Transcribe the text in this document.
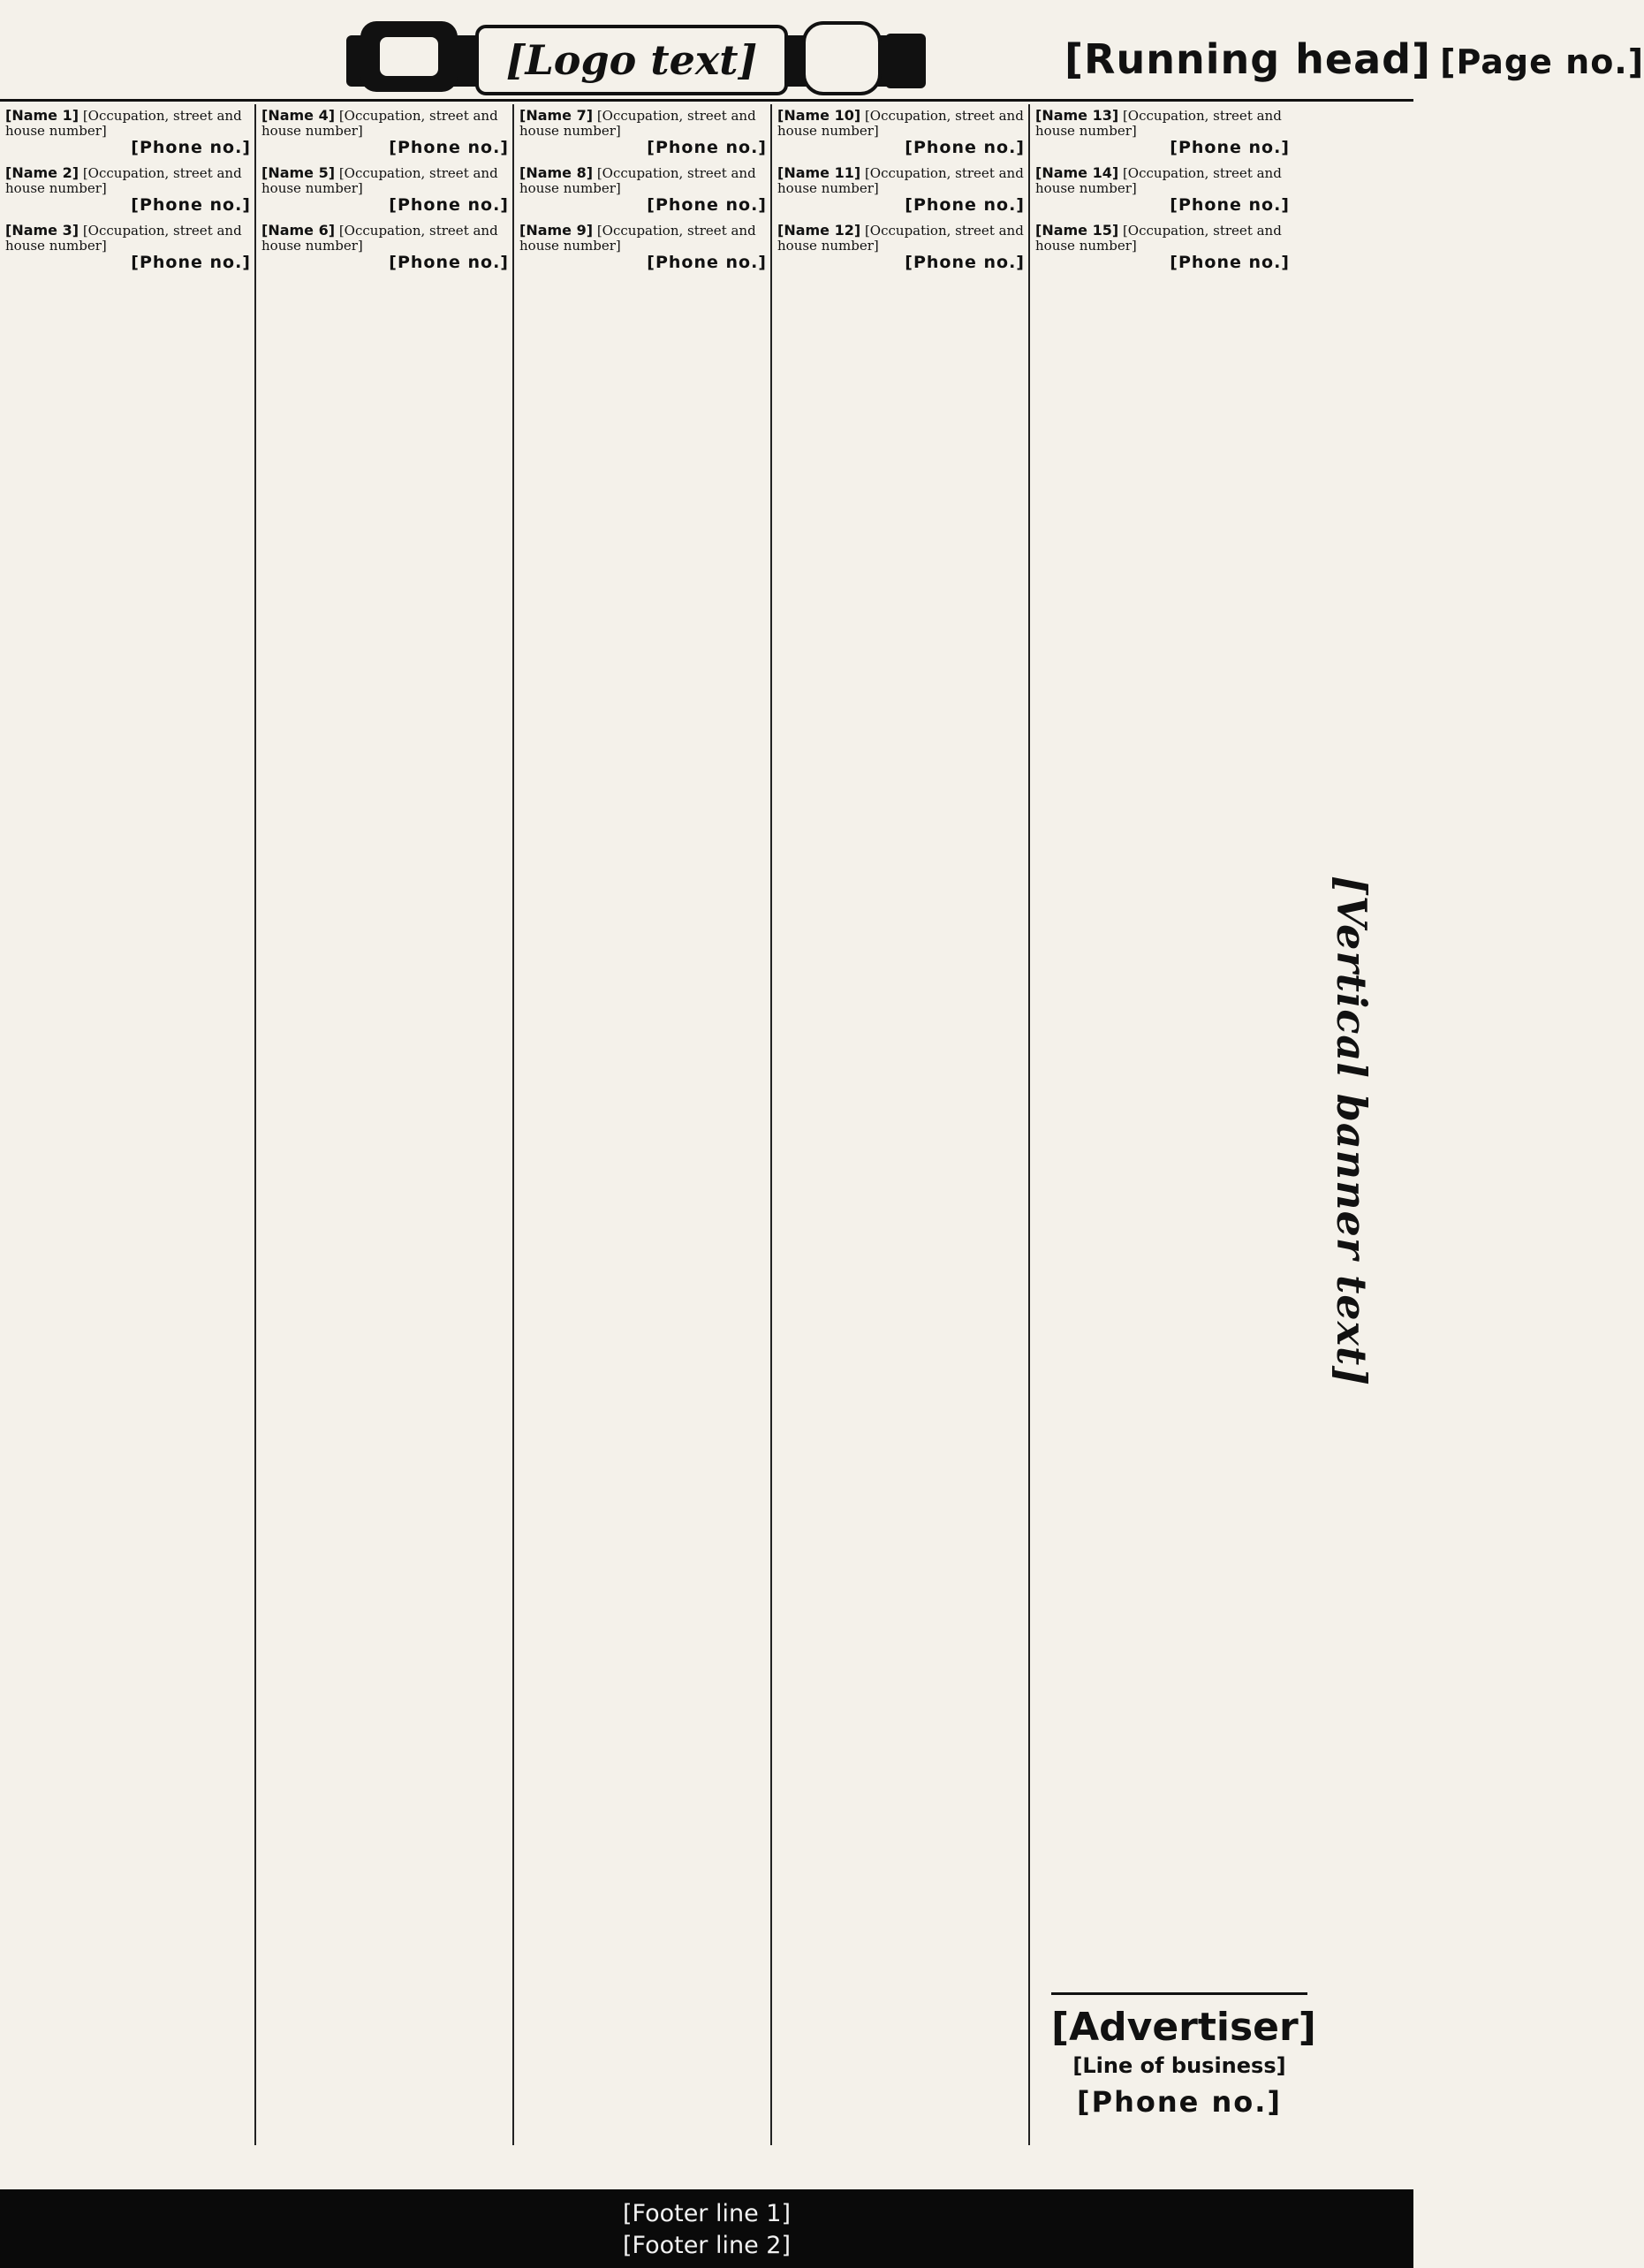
[Logo text]	[Running head] [Page no.]

[Name 1] [Occupation, street and house number]
[Phone no.]

[Name 2] [Occupation, street and house number]
[Phone no.]

[Name 3] [Occupation, street and house number]
[Phone no.]

[Name 4] [Occupation, street and house number]
[Phone no.]

[Name 5] [Occupation, street and house number]
[Phone no.]

[Name 6] [Occupation, street and house number]
[Phone no.]

[Name 7] [Occupation, street and house number]
[Phone no.]

[Name 8] [Occupation, street and house number]
[Phone no.]

[Name 9] [Occupation, street and house number]
[Phone no.]

[Name 10] [Occupation, street and house number]
[Phone no.]

[Name 11] [Occupation, street and house number]
[Phone no.]

[Name 12] [Occupation, street and house number]
[Phone no.]

[Name 13] [Occupation, street and house number]
[Phone no.]

[Name 14] [Occupation, street and house number]
[Phone no.]

[Name 15] [Occupation, street and house number]
[Phone no.]

[Vertical banner text]
[Advertiser]
[Line of business]
[Phone no.]
[Footer line 1]
[Footer line 2]
